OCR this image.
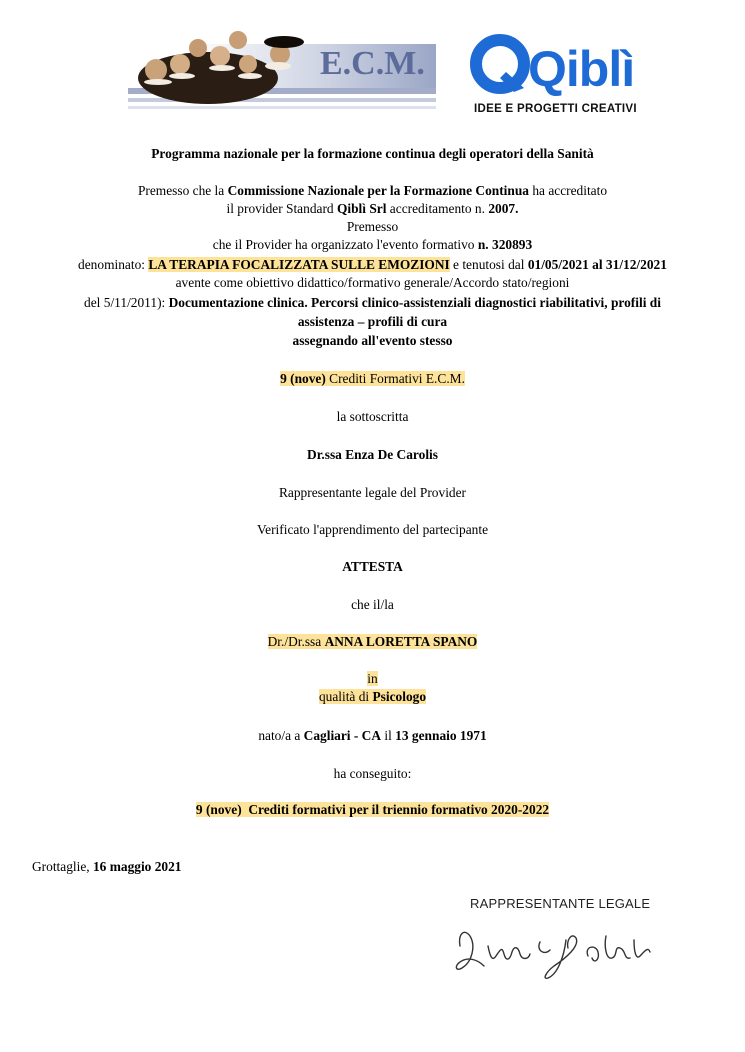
E.C.M. Qiblì
IDEE E PROGETTI CREATIVI
Programma nazionale per la formazione continua degli operatori della Sanità
Premesso che la Commissione Nazionale per la Formazione Continua ha accreditato
il provider Standard Qiblì Srl accreditamento n. 2007.
Premesso
che il Provider ha organizzato l'evento formativo n. 320893
denominato: LA TERAPIA FOCALIZZATA SULLE EMOZIONI e tenutosi dal 01/05/2021 al 31/12/2021
avente come obiettivo didattico/formativo generale/Accordo stato/regioni
del 5/11/2011): Documentazione clinica. Percorsi clinico-assistenziali diagnostici riabilitativi, profili di
assistenza – profili di cura
assegnando all'evento stesso
9 (nove) Crediti Formativi E.C.M.
la sottoscritta
Dr.ssa Enza De Carolis
Rappresentante legale del Provider
Verificato l'apprendimento del partecipante
ATTESTA
che il/la
Dr./Dr.ssa ANNA LORETTA SPANO
in
qualità di Psicologo
nato/a a Cagliari - CA il 13 gennaio 1971
ha conseguito:
9 (nove)  Crediti formativi per il triennio formativo 2020-2022
Grottaglie, 16 maggio 2021
RAPPRESENTANTE LEGALE
